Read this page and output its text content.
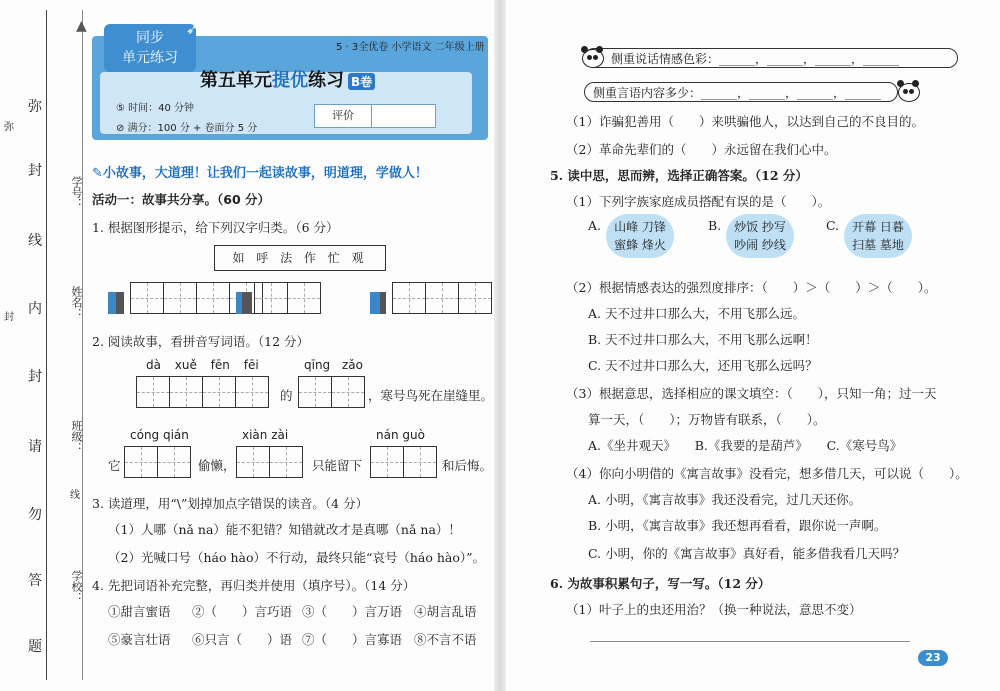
▲
弥
封
线
内
封
请
勿
答
题
弥
封
线
学号：
姓名：
班级：
学校：
同步
单元练习
➶
5 · 3全优卷 小学语文 二年级上册
第五单元提优练习 B卷
⑤ 时间：40 分钟
⊘ 满分：100 分 + 卷面分 5 分
评价
✎小故事，大道理！让我们一起读故事，明道理，学做人！
活动一：故事共分享。（60 分）
1. 根据图形提示，给下列汉字归类。（6 分）
如 呼 法 作 忙 观
2. 阅读故事，看拼音写词语。（12 分）
dà xuě fēn fēi	qīng zǎo
的	，寒号鸟死在崖缝里。
cóng qián	xiàn zài	nán guò
它	偷懒，	只能留下	和后悔。
3. 读道理，用“\”划掉加点字错误的读音。（4 分）
（1）人哪（nǎ na）能不犯错？知错就改才是真哪（nǎ na）！
（2）光喊口号（háo hào）不行动，最终只能“哀号（háo hào）”。
4. 先把词语补充完整，再归类并使用（填序号）。（14 分）
①甜言蜜语 ②（　　）言巧语 ③（　　）言万语 ④胡言乱语
⑤豪言壮语 ⑥只言（　　）语 ⑦（　　）言寡语 ⑧不言不语
侧重说话情感色彩：______，______，______，______
侧重言语内容多少：______，______，______，______
（1）诈骗犯善用（　　）来哄骗他人，以达到自己的不良目的。
（2）革命先辈们的（　　）永远留在我们心中。
5. 读中思，思而辨，选择正确答案。（12 分）
（1）下列字族家庭成员搭配有误的是（　　）。
A.	山峰 刀锋
蜜蜂 烽火
B.	炒饭 抄写
吵闹 纱线
C.	开幕 日暮
扫墓 墓地
（2）根据情感表达的强烈度排序：（　　）＞（　　）＞（　　）。
A. 天不过井口那么大，不用飞那么远。
B. 天不过井口那么大，不用飞那么远啊！
C. 天不过井口那么大，还用飞那么远吗？
（3）根据意思，选择相应的课文填空：（　　），只知一角；过一天
算一天，（　　）；万物皆有联系，（　　）。
A.《坐井观天》　　B.《我要的是葫芦》　　C.《寒号鸟》
（4）你向小明借的《寓言故事》没看完，想多借几天，可以说（　　）。
A. 小明，《寓言故事》我还没看完，过几天还你。
B. 小明，《寓言故事》我还想再看看，跟你说一声啊。
C. 小明，你的《寓言故事》真好看，能多借我看几天吗？
6. 为故事积累句子，写一写。（12 分）
（1）叶子上的虫还用治？（换一种说法，意思不变）
23
